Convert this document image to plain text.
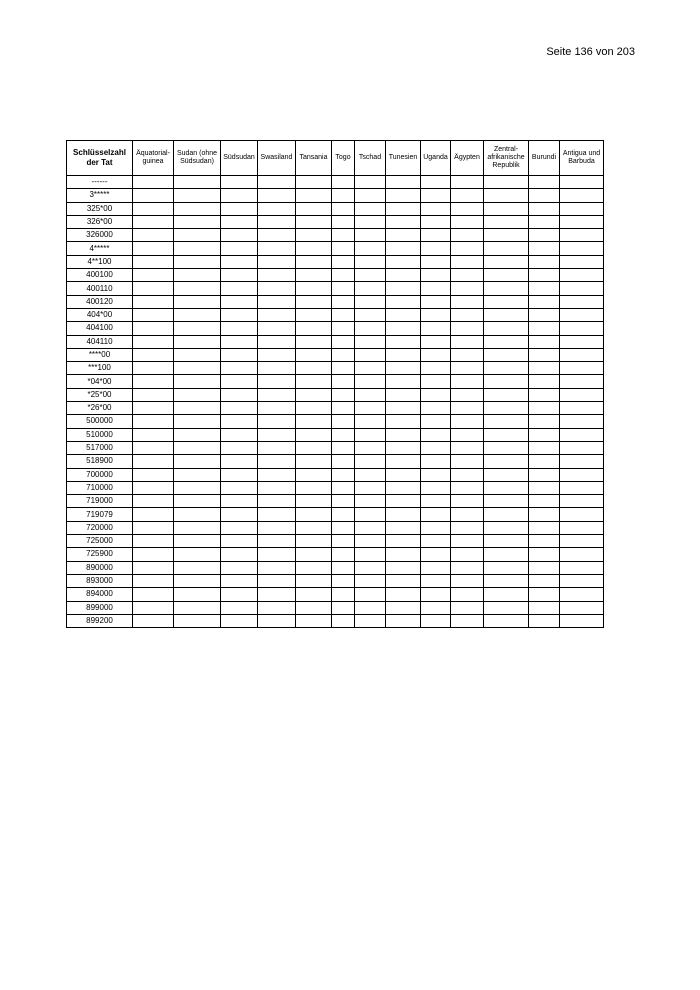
Seite 136 von 203
Schlüsselzahl der Tat	Äquatorial-guinea	Sudan (ohne Südsudan)	Südsudan	Swasiland	Tansania	Togo	Tschad	Tunesien	Uganda	Ägypten	Zentral-afrikanische Republik	Burundi	Antigua und Barbuda
------													
3*****													
325*00													
326*00													
326000													
4*****													
4**100													
400100													
400110													
400120													
404*00													
404100													
404110													
****00													
***100													
*04*00													
*25*00													
*26*00													
500000													
510000													
517000													
518900													
700000													
710000													
719000													
719079													
720000													
725000													
725900													
890000													
893000													
894000													
899000													
899200													
